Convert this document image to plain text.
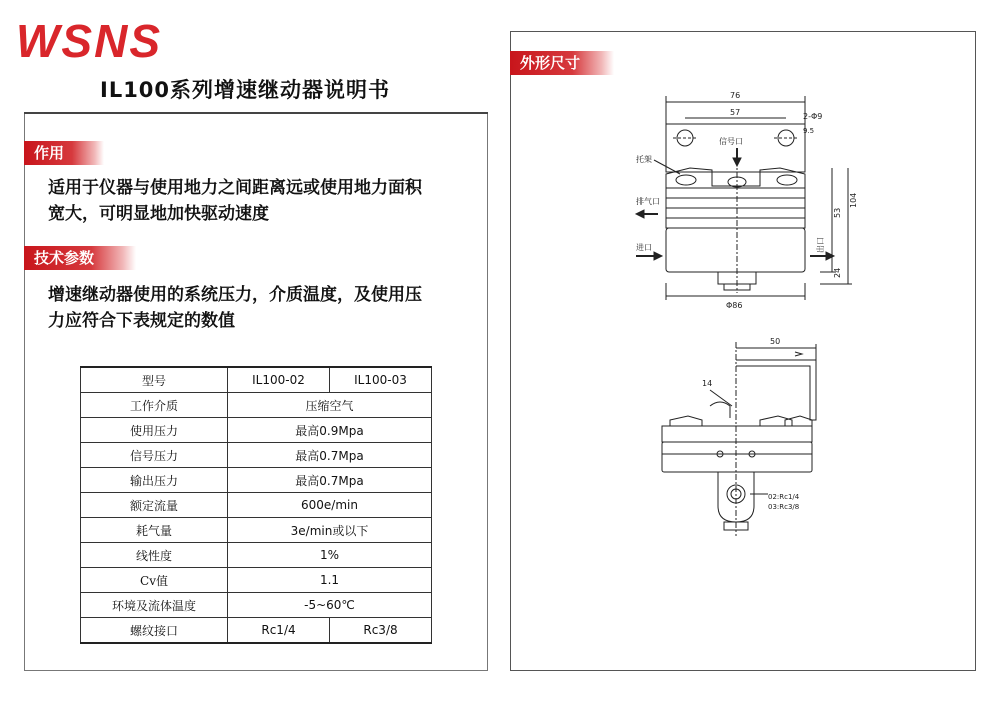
WSNS
IL100系列增速继动器说明书
作用
适用于仪器与使用地力之间距离远或使用地力面积
宽大，可明显地加快驱动速度
技术参数
增速继动器使用的系统压力，介质温度，及使用压
力应符合下表规定的数值
型号	IL100-02	IL100-03
工作介质	压缩空气	
使用压力	最高0.9Mpa	
信号压力	最高0.7Mpa	
输出压力	最高0.7Mpa	
额定流量	600e/min	
耗气量	3e/min或以下	
线性度	1%	
Cv值	1.1	
环境及流体温度	-5~60℃	
螺纹接口	Rc1/4	Rc3/8
外形尺寸
76
57	2-Φ9
9.5
信号口
托架
排气口
进口	出口
Φ86
53
104
24
50
14
02:Rc1/4
03:Rc3/8
